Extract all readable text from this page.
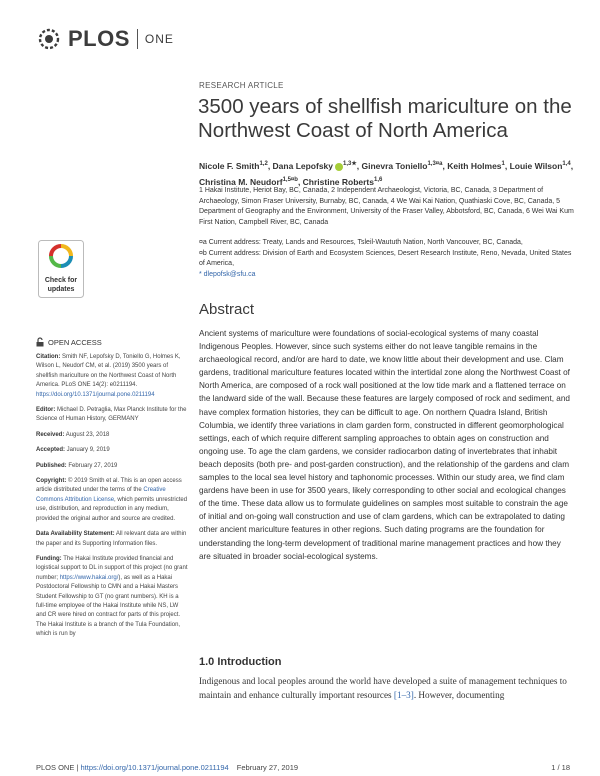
PLOS ONE
RESEARCH ARTICLE
3500 years of shellfish mariculture on the Northwest Coast of North America
Nicole F. Smith$^{1,2}$, Dana Lepofsky $^{1,3★}$, Ginevra Toniello$^{1,3¤a}$, Keith Holmes$^1$, Louie Wilson$^{1,4}$, Christina M. Neudorf$^{1,5¤b}$, Christine Roberts$^{1,6}$
1 Hakai Institute, Heriot Bay, BC, Canada, 2 Independent Archaeologist, Victoria, BC, Canada, 3 Department of Archaeology, Simon Fraser University, Burnaby, BC, Canada, 4 We Wai Kai Nation, Quathiaski Cove, BC, Canada, 5 Department of Geography and the Environment, University of the Fraser Valley, Abbotsford, BC, Canada, 6 Wei Wai Kum First Nation, Campbell River, BC, Canada
¤a Current address: Treaty, Lands and Resources, Tsleil-Waututh Nation, North Vancouver, BC, Canada,
¤b Current address: Division of Earth and Ecosystem Sciences, Desert Research Institute, Reno, Nevada, United States of America,
* dlepofsk@sfu.ca
Abstract

Ancient systems of mariculture were foundations of social-ecological systems of many coastal Indigenous Peoples. However, since such systems either do not leave tangible remains in the archaeological record, and/or are hard to date, we know little about their development and use. Clam gardens, traditional mariculture features located within the intertidal zone along the Northwest Coast of North America, are composed of a rock wall positioned at the low tide mark and a flattened terrace on the landward side of the wall. Because these features are largely composed of rock and sediment, and have complex formation histories, they can be difficult to age. On northern Quadra Island, British Columbia, we identify three variations in clam garden form, constructed in different geomorphological settings, each of which require different sampling approaches to obtain ages on construction and ongoing use. To age the clam gardens, we consider radiocarbon dating of invertebrates that inhabit beach deposits (both pre- and post-garden construction), and the relationship of the gardens and clam samples to the local sea level history and taphonomic processes. Within our study area, we find clam gardens have been in use for 3500 years, likely corresponding to other social and ecological changes of the time. These data allow us to formulate guidelines on samples most suitable to constrain the age of initial and on-going wall construction and use of clam gardens, which can be extrapolated to dating other ancient mariculture features in other regions. Such dating programs are the foundation for understanding the long-term development of traditional marine management practices and how they are situated in broader social-ecological systems.

1.0 Introduction
Indigenous and local peoples around the world have developed a suite of management techniques to maintain and enhance culturally important resources [1–3]. However, documenting
Check for
updates
OPEN ACCESS
Citation: Smith NF, Lepofsky D, Toniello G, Holmes K, Wilson L, Neudorf CM, et al. (2019) 3500 years of shellfish mariculture on the Northwest Coast of North America. PLoS ONE 14(2): e0211194. https://doi.org/10.1371/journal.pone.0211194
Editor: Michael D. Petraglia, Max Planck Institute for the Science of Human History, GERMANY
Received: August 23, 2018
Accepted: January 9, 2019
Published: February 27, 2019
Copyright: © 2019 Smith et al. This is an open access article distributed under the terms of the Creative Commons Attribution License, which permits unrestricted use, distribution, and reproduction in any medium, provided the original author and source are credited.
Data Availability Statement: All relevant data are within the paper and its Supporting Information files.
Funding: The Hakai Institute provided financial and logistical support to DL in support of this project (no grant number; https://www.hakai.org/), as well as a Hakai Postdoctoral Fellowship to CMN and a Hakai Masters Student Fellowship to GT (no grant numbers). KH is a full-time employee of the Hakai Institute while NS, LW and CR were hired on contract for parts of this project. The Hakai Institute is a branch of the Tula Foundation, which is run by
PLOS ONE | https://doi.org/10.1371/journal.pone.0211194 February 27, 2019	1 / 18
